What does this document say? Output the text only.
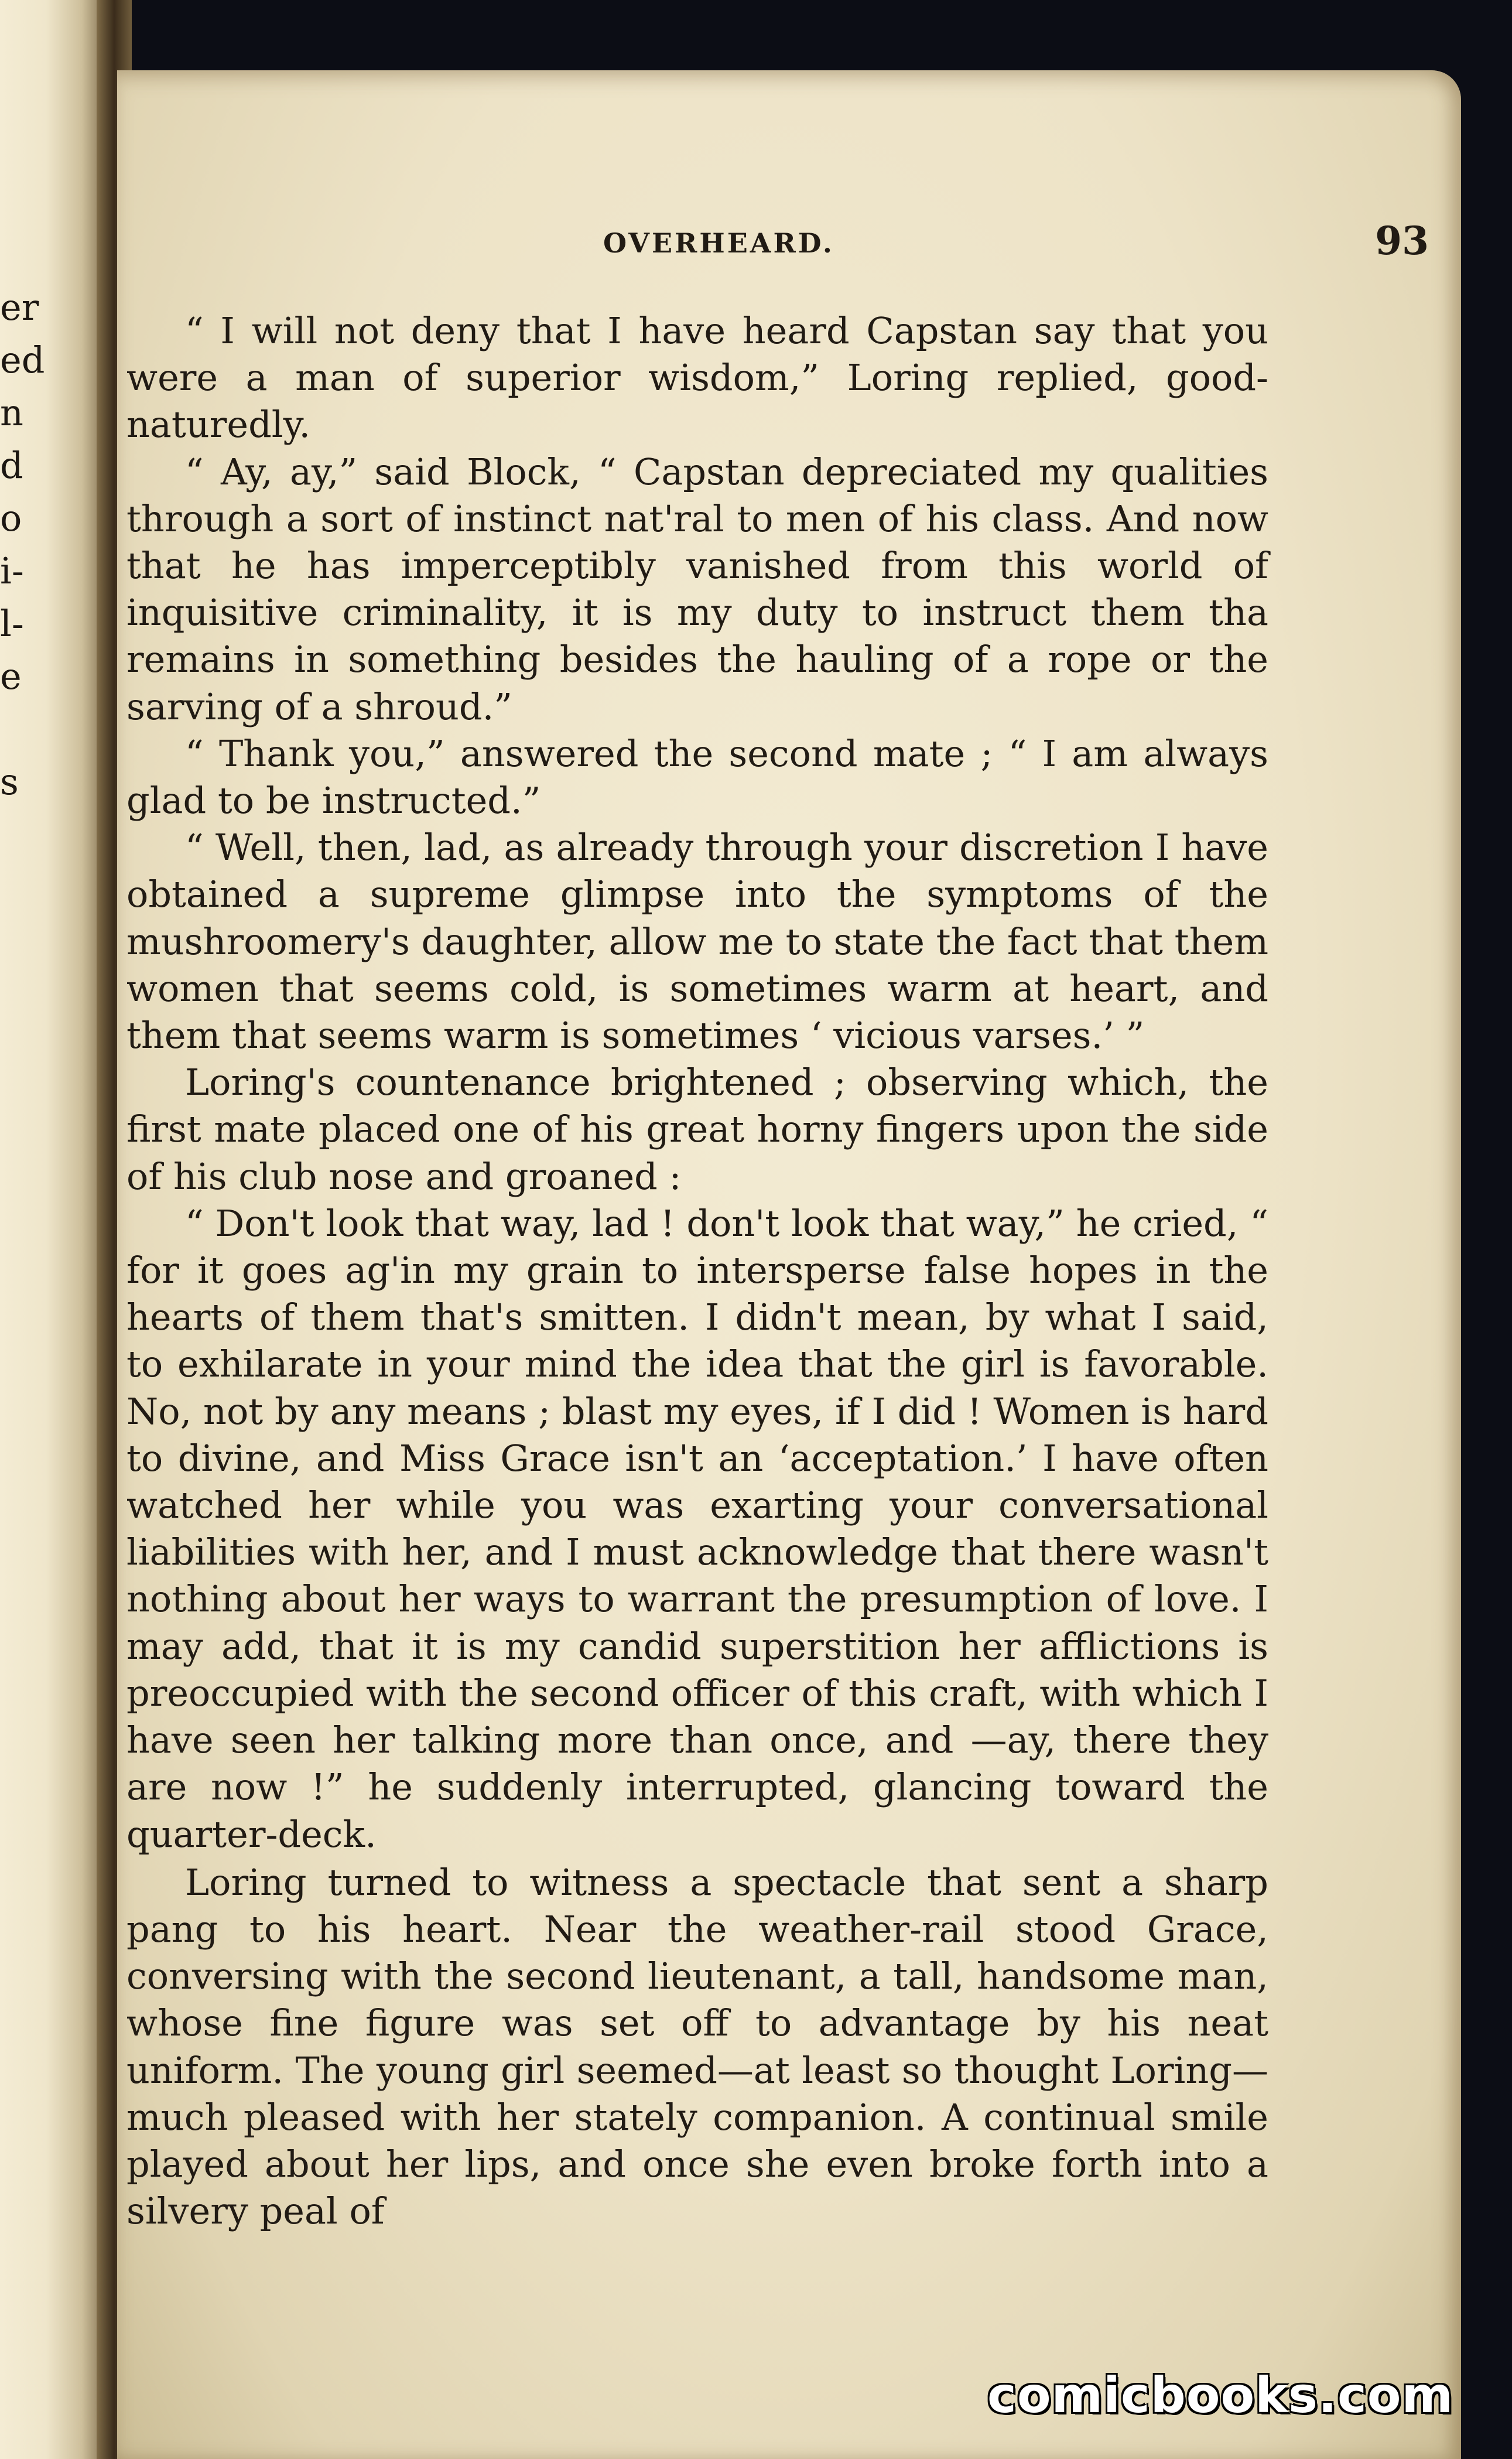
er
ed
n
d
o
i-
l-
e
s
OVERHEARD.	93

“ I will not deny that I have heard Capstan say that you were a man of superior wisdom,” Loring replied, good-naturedly.

“ Ay, ay,” said Block, “ Capstan depreciated my qualities through a sort of instinct nat'ral to men of his class. And now that he has imperceptibly vanished from this world of inquisitive criminality, it is my duty to instruct them tha remains in something besides the hauling of a rope or the sarving of a shroud.”

“ Thank you,” answered the second mate ; “ I am always glad to be instructed.”

“ Well, then, lad, as already through your discretion I have obtained a supreme glimpse into the symptoms of the mushroomery's daughter, allow me to state the fact that them women that seems cold, is sometimes warm at heart, and them that seems warm is sometimes ‘ vicious varses.’ ”

Loring's countenance brightened ; observing which, the first mate placed one of his great horny fingers upon the side of his club nose and groaned :

“ Don't look that way, lad ! don't look that way,” he cried, “ for it goes ag'in my grain to intersperse false hopes in the hearts of them that's smitten. I didn't mean, by what I said, to exhilarate in your mind the idea that the girl is favorable. No, not by any means ; blast my eyes, if I did ! Women is hard to divine, and Miss Grace isn't an ‘acceptation.’ I have often watched her while you was exarting your conversational liabilities with her, and I must acknowledge that there wasn't nothing about her ways to warrant the presumption of love. I may add, that it is my candid superstition her afflictions is preoccupied with the second officer of this craft, with which I have seen her talking more than once, and —ay, there they are now !” he suddenly interrupted, glancing toward the quarter-deck.

Loring turned to witness a spectacle that sent a sharp pang to his heart. Near the weather-rail stood Grace, conversing with the second lieutenant, a tall, handsome man, whose fine figure was set off to advantage by his neat uniform. The young girl seemed—at least so thought Loring—much pleased with her stately companion. A continual smile played about her lips, and once she even broke forth into a silvery peal of

comicbooks.com
